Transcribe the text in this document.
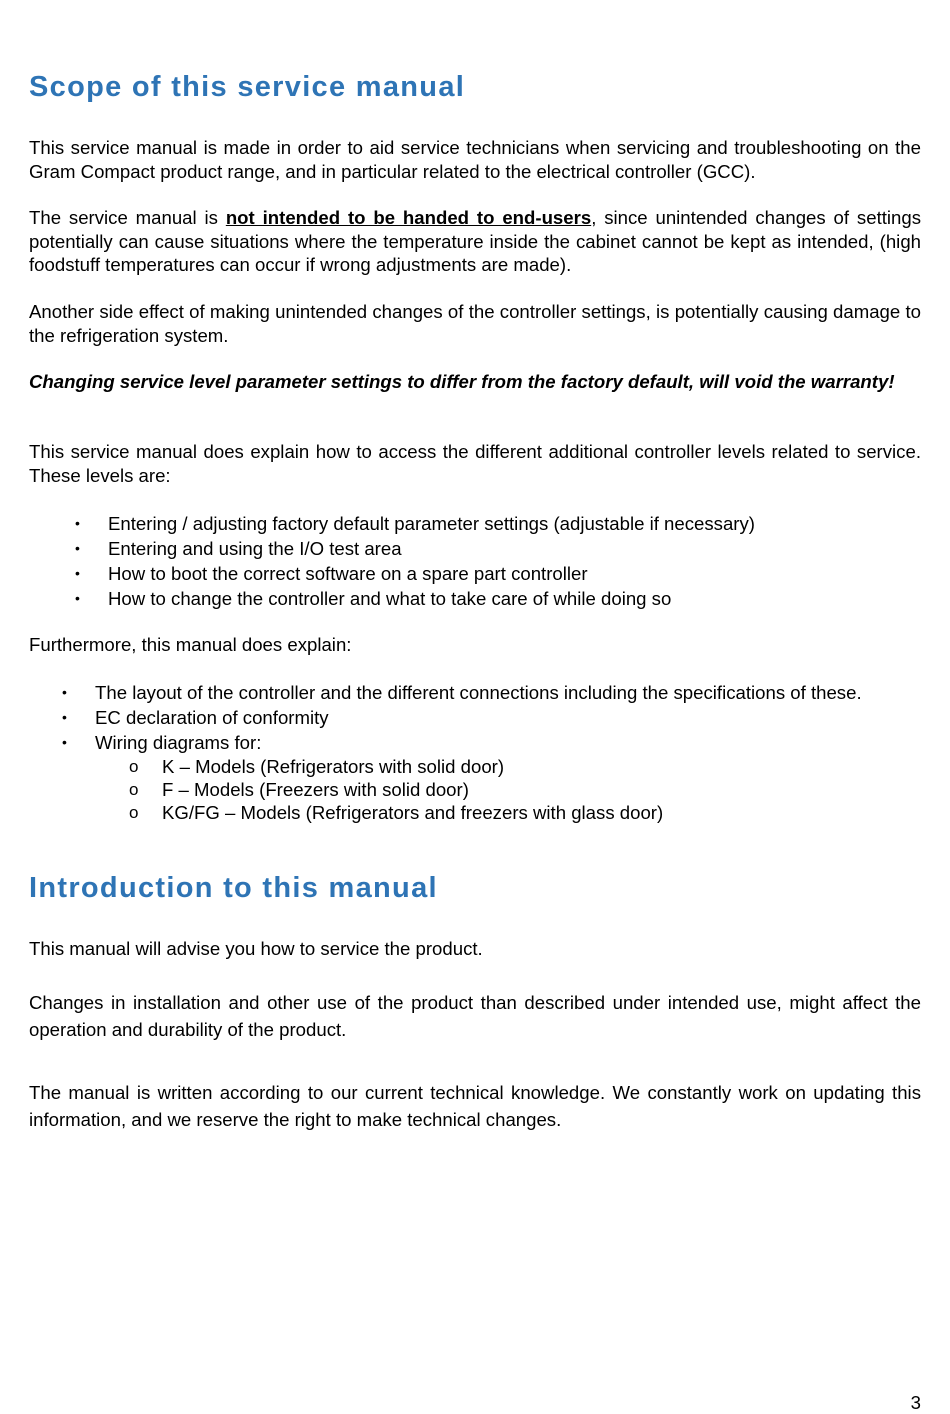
Scope of this service manual

This service manual is made in order to aid service technicians when servicing and troubleshooting on the Gram Compact product range, and in particular related to the electrical controller (GCC).

The service manual is not intended to be handed to end-users, since unintended changes of settings potentially can cause situations where the temperature inside the cabinet cannot be kept as intended, (high foodstuff temperatures can occur if wrong adjustments are made).

Another side effect of making unintended changes of the controller settings, is potentially causing damage to the refrigeration system.

Changing service level parameter settings to differ from the factory default, will void the warranty!

This service manual does explain how to access the different additional controller levels related to service. These levels are:

• Entering / adjusting factory default parameter settings (adjustable if necessary)
• Entering and using the I/O test area
• How to boot the correct software on a spare part controller
• How to change the controller and what to take care of while doing so

Furthermore, this manual does explain:

• The layout of the controller and the different connections including the specifications of these.
• EC declaration of conformity
• Wiring diagrams for:
o K – Models (Refrigerators with solid door)
o F – Models (Freezers with solid door)
o KG/FG – Models (Refrigerators and freezers with glass door)
Introduction to this manual

This manual will advise you how to service the product.

Changes in installation and other use of the product than described under intended use, might affect the operation and durability of the product.

The manual is written according to our current technical knowledge. We constantly work on updating this information, and we reserve the right to make technical changes.

3
